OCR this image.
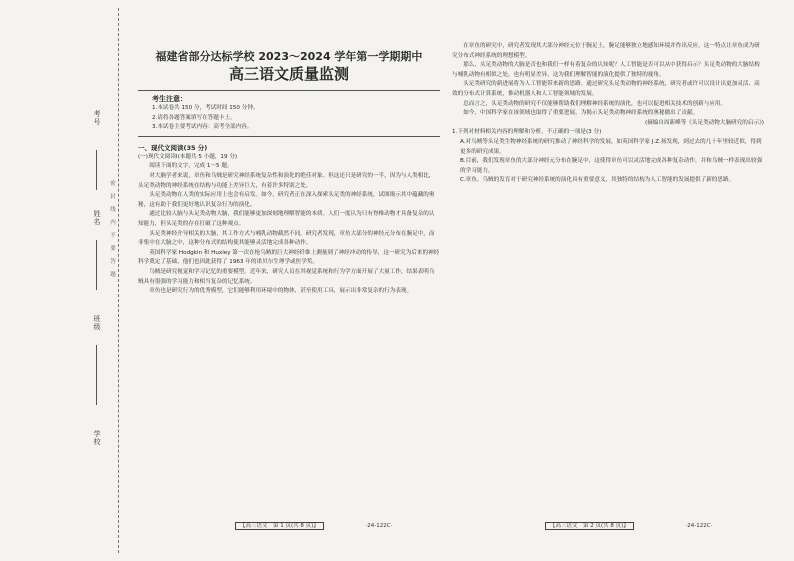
考号
姓名
班级
学校
密　封　线　内　不　要　答　题
福建省部分达标学校 2023～2024 学年第一学期期中
高三语文质量监测
考生注意：

1.本试卷共 150 分，考试时间 150 分钟。

2.请将各题答案填写在答题卡上。

3.本试卷主要考试内容：高考全部内容。

一、现代文阅读(35 分)

(一)现代文阅读Ⅰ(本题共 5 小题，19 分)

阅读下面的文字，完成 1～5 题。

对大脑学者来说，章鱼和乌贼是研究神经系统复杂性和演化的绝佳对象。但这还只是研究的一半，因为与人类相比，头足类动物的神经系统在结构与功能上差异巨大，有着许多特别之处。

头足类动物在人类的实际应用上也会有启发。如今，研究者正在深入探索头足类的神经系统，试图揭示其中蕴藏的奥秘，这有助于我们更好地认识复杂行为的演化。

通过比较人脑与头足类动物大脑，我们能够更加深刻地理解智能的本质。人们一度认为只有脊椎动物才具备复杂的认知能力，但头足类的存在打破了这种观点。

头足类神经介导相关的大脑，其工作方式与哺乳动物截然不同。研究者发现，章鱼大部分的神经元分布在腕足中，而非集中在大脑之中，这种分布式的结构使其能够灵活地完成各种动作。

英国科学家 Hodgkin 和 Huxley 第一次在枪乌贼的巨大神经纤维上测量到了神经冲动的传导，这一研究为后来的神经科学奠定了基础，他们也因此获得了 1963 年的诺贝尔生理学或医学奖。

乌贼是研究视觉和学习记忆的重要模型。近年来，研究人员在其视觉系统和行为学方面开展了大量工作，结果表明乌贼具有很强的学习能力和相当复杂的记忆系统。

章鱼也是研究行为的优秀模型，它们能够利用环境中的物体，甚至使用工具，展示出非常复杂的行为表现。

【高三语文　第 1 页(共 8 页)】	·24-122C·

在章鱼的研究中，研究者发现其大部分神经元位于腕足上，腕足能够独立地感知环境并作出反应。这一特点让章鱼成为研究分布式神经系统的理想模型。

那么，头足类动物的大脑是否也和我们一样有着复杂的认知呢？人工智能是否可以从中获得启示？头足类动物的大脑结构与哺乳动物有相似之处，也有明显差异，这为我们理解智能的演化提供了独特的视角。

头足类研究的新进展将为人工智能带来新的思路。通过研究头足类动物的神经系统，研究者或许可以设计出更加灵活、高效的分布式计算系统，推动机器人和人工智能领域的发展。

总而言之，头足类动物的研究不仅能够帮助我们理解神经系统的演化，也可以促进相关技术的创新与应用。

如今，中国科学家在该领域也取得了重要进展，为揭示头足类动物神经系统的奥秘做出了贡献。

(摘编自周新峰等《头足类动物大脑研究的启示》)

1.下列对材料相关内容的理解和分析，不正确的一项是(3 分)

A.对乌贼等头足类生物神经系统的研究推动了神经科学的发展，如英国科学家 J.Z.扬发现，到过去的几十年里较近似，得到更多的研究成果。

B.目前，我们发现章鱼的大部分神经元分布在腕足中，这使得章鱼可以灵活地完成各种复杂动作，并和乌贼一样表现出较强的学习能力。

C.章鱼、乌贼的发育对于研究神经系统的演化具有重要意义，其独特的结构为人工智能的发展提供了新的思路。

【高三语文　第 2 页(共 8 页)】	·24-122C·
